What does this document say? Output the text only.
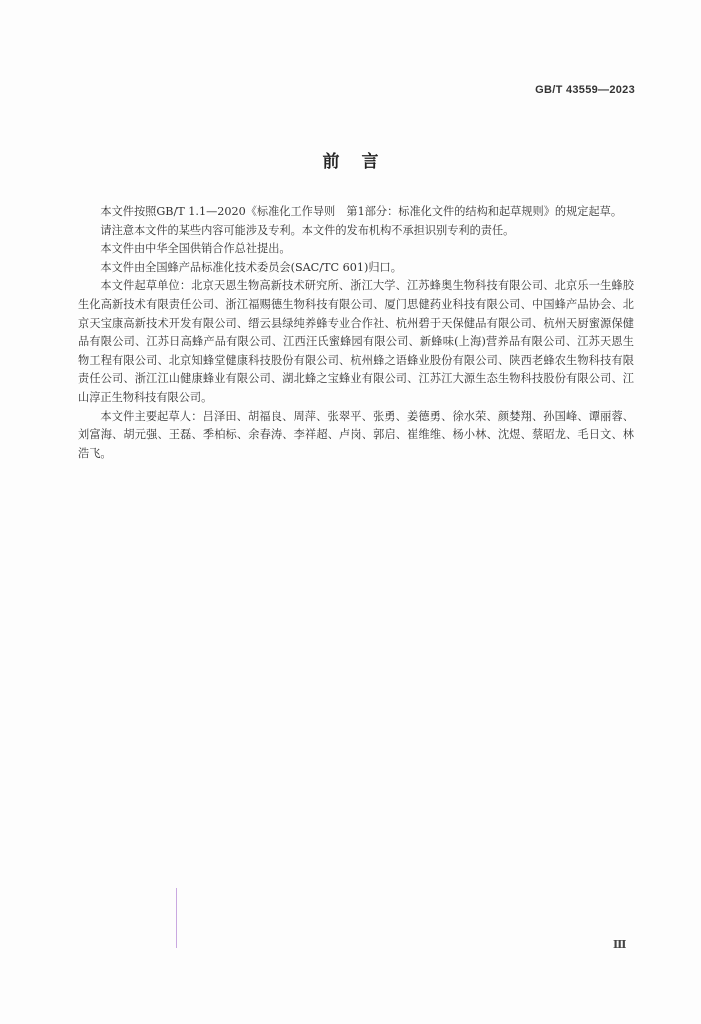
GB/T 43559—2023
前言

本文件按照GB/T 1.1—2020《标准化工作导则　第1部分：标准化文件的结构和起草规则》的规定起草。

请注意本文件的某些内容可能涉及专利。本文件的发布机构不承担识别专利的责任。

本文件由中华全国供销合作总社提出。

本文件由全国蜂产品标准化技术委员会(SAC/TC 601)归口。

本文件起草单位：北京天恩生物高新技术研究所、浙江大学、江苏蜂奥生物科技有限公司、北京乐一生蜂胶生化高新技术有限责任公司、浙江福赐德生物科技有限公司、厦门思健药业科技有限公司、中国蜂产品协会、北京天宝康高新技术开发有限公司、缙云县绿纯养蜂专业合作社、杭州碧于天保健品有限公司、杭州天厨蜜源保健品有限公司、江苏日高蜂产品有限公司、江西汪氏蜜蜂园有限公司、新蜂味(上海)营养品有限公司、江苏天恩生物工程有限公司、北京知蜂堂健康科技股份有限公司、杭州蜂之语蜂业股份有限公司、陕西老蜂农生物科技有限责任公司、浙江江山健康蜂业有限公司、湖北蜂之宝蜂业有限公司、江苏江大源生态生物科技股份有限公司、江山淳正生物科技有限公司。

本文件主要起草人：吕泽田、胡福良、周萍、张翠平、张勇、姜德勇、徐水荣、颜婪翔、孙国峰、谭丽蓉、刘富海、胡元强、王磊、季柏标、余春涛、李祥超、卢岗、郭启、崔维维、杨小林、沈煜、蔡昭龙、毛日文、林浩飞。

Ⅲ
